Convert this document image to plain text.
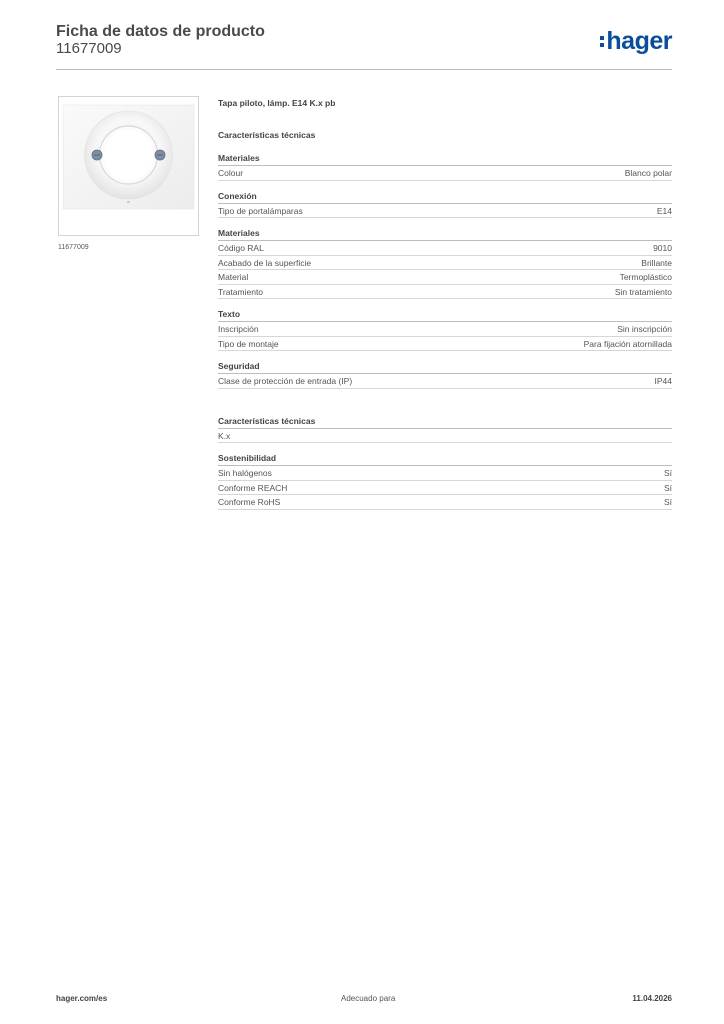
Ficha de datos de producto
11677009	hager
11677009
Tapa piloto, lámp. E14 K.x pb
Características técnicas
Materiales
Colour	Blanco polar
Conexión
Tipo de portalámparas	E14
Materiales
Código RAL	9010
Acabado de la superficie	Brillante
Material	Termoplástico
Tratamiento	Sin tratamiento
Texto
Inscripción	Sin inscripción
Tipo de montaje	Para fijación atornillada
Seguridad
Clase de protección de entrada (IP)	IP44
Características técnicas
K.x
Sostenibilidad
Sin halógenos	Sí
Conforme REACH	Sí
Conforme RoHS	Sí
hager.com/es	Adecuado para	11.04.2026
